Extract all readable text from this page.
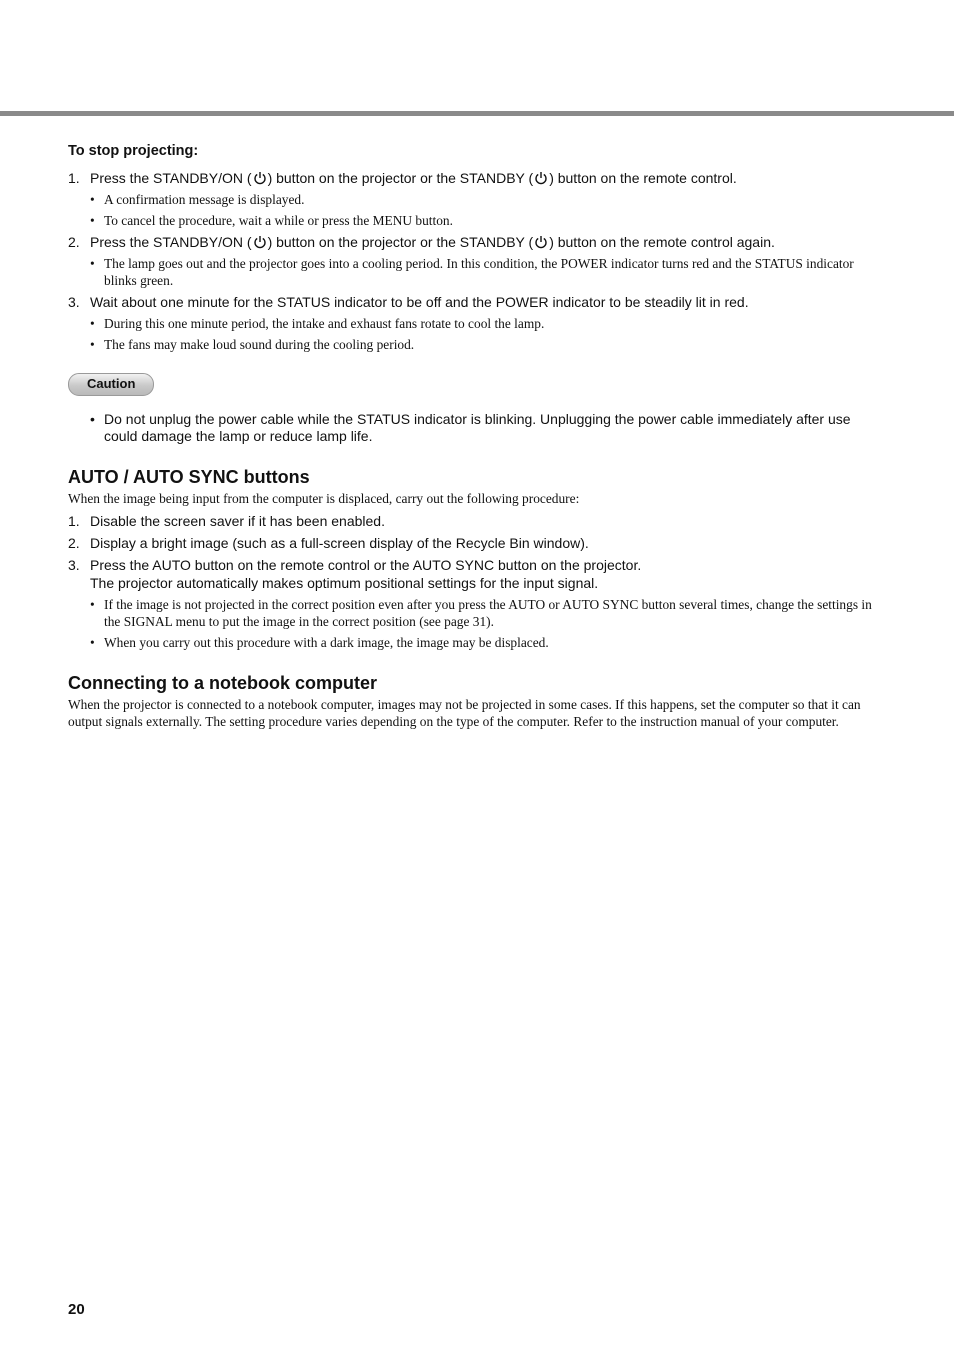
To stop projecting:
1. Press the STANDBY/ON ( ) button on the projector or the STANDBY ( ) button on the remote control.
• A confirmation message is displayed.
• To cancel the procedure, wait a while or press the MENU button.
2. Press the STANDBY/ON ( ) button on the projector or the STANDBY ( ) button on the remote control again.
• The lamp goes out and the projector goes into a cooling period. In this condition, the POWER indicator turns red and the STATUS indicator blinks green.
3. Wait about one minute for the STATUS indicator to be off and the POWER indicator to be steadily lit in red.
• During this one minute period, the intake and exhaust fans rotate to cool the lamp.
• The fans may make loud sound during the cooling period.
Caution
• Do not unplug the power cable while the STATUS indicator is blinking. Unplugging the power cable immediately after use could damage the lamp or reduce lamp life.
AUTO / AUTO SYNC buttons

When the image being input from the computer is displaced, carry out the following procedure:

1. Disable the screen saver if it has been enabled.
2. Display a bright image (such as a full-screen display of the Recycle Bin window).
3. Press the AUTO button on the remote control or the AUTO SYNC button on the projector.
The projector automatically makes optimum positional settings for the input signal.
• If the image is not projected in the correct position even after you press the AUTO or AUTO SYNC button several times, change the settings in the SIGNAL menu to put the image in the correct position (see page 31).
• When you carry out this procedure with a dark image, the image may be displaced.
Connecting to a notebook computer

When the projector is connected to a notebook computer, images may not be projected in some cases. If this happens, set the computer so that it can output signals externally. The setting procedure varies depending on the type of the computer. Refer to the instruction manual of your computer.

20
